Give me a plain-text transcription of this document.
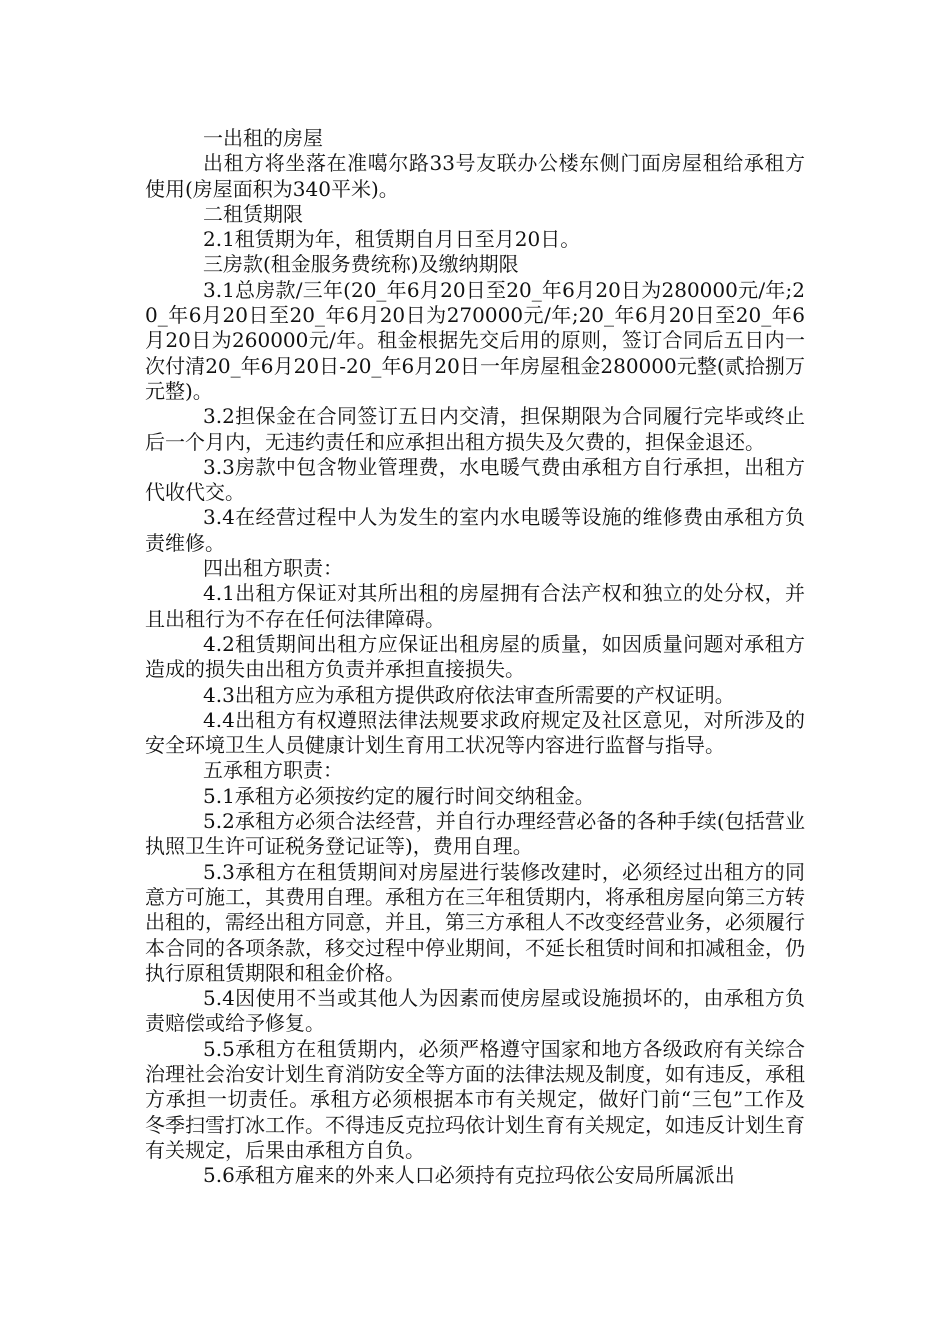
一出租的房屋

出租方将坐落在准噶尔路33号友联办公楼东侧门面房屋租给承租方使用(房屋面积为340平米)。

二租赁期限

2.1租赁期为年，租赁期自月日至月20日。

三房款(租金服务费统称)及缴纳期限

3.1总房款/三年(20_年6月20日至20_年6月20日为280000元/年;20_年6月20日至20_年6月20日为270000元/年;20_年6月20日至20_年6月20日为260000元/年。租金根据先交后用的原则，签订合同后五日内一次付清20_年6月20日-20_年6月20日一年房屋租金280000元整(贰拾捌万元整)。

3.2担保金在合同签订五日内交清，担保期限为合同履行完毕或终止后一个月内，无违约责任和应承担出租方损失及欠费的，担保金退还。

3.3房款中包含物业管理费，水电暖气费由承租方自行承担，出租方代收代交。

3.4在经营过程中人为发生的室内水电暖等设施的维修费由承租方负责维修。

四出租方职责：

4.1出租方保证对其所出租的房屋拥有合法产权和独立的处分权，并且出租行为不存在任何法律障碍。

4.2租赁期间出租方应保证出租房屋的质量，如因质量问题对承租方造成的损失由出租方负责并承担直接损失。

4.3出租方应为承租方提供政府依法审查所需要的产权证明。

4.4出租方有权遵照法律法规要求政府规定及社区意见，对所涉及的安全环境卫生人员健康计划生育用工状况等内容进行监督与指导。

五承租方职责：

5.1承租方必须按约定的履行时间交纳租金。

5.2承租方必须合法经营，并自行办理经营必备的各种手续(包括营业执照卫生许可证税务登记证等)，费用自理。

5.3承租方在租赁期间对房屋进行装修改建时，必须经过出租方的同意方可施工，其费用自理。承租方在三年租赁期内，将承租房屋向第三方转出租的，需经出租方同意，并且，第三方承租人不改变经营业务，必须履行本合同的各项条款，移交过程中停业期间，不延长租赁时间和扣减租金，仍执行原租赁期限和租金价格。

5.4因使用不当或其他人为因素而使房屋或设施损坏的，由承租方负责赔偿或给予修复。

5.5承租方在租赁期内，必须严格遵守国家和地方各级政府有关综合治理社会治安计划生育消防安全等方面的法律法规及制度，如有违反，承租方承担一切责任。承租方必须根据本市有关规定，做好门前“三包”工作及冬季扫雪打冰工作。不得违反克拉玛依计划生育有关规定，如违反计划生育有关规定，后果由承租方自负。

5.6承租方雇来的外来人口必须持有克拉玛依公安局所属派出
